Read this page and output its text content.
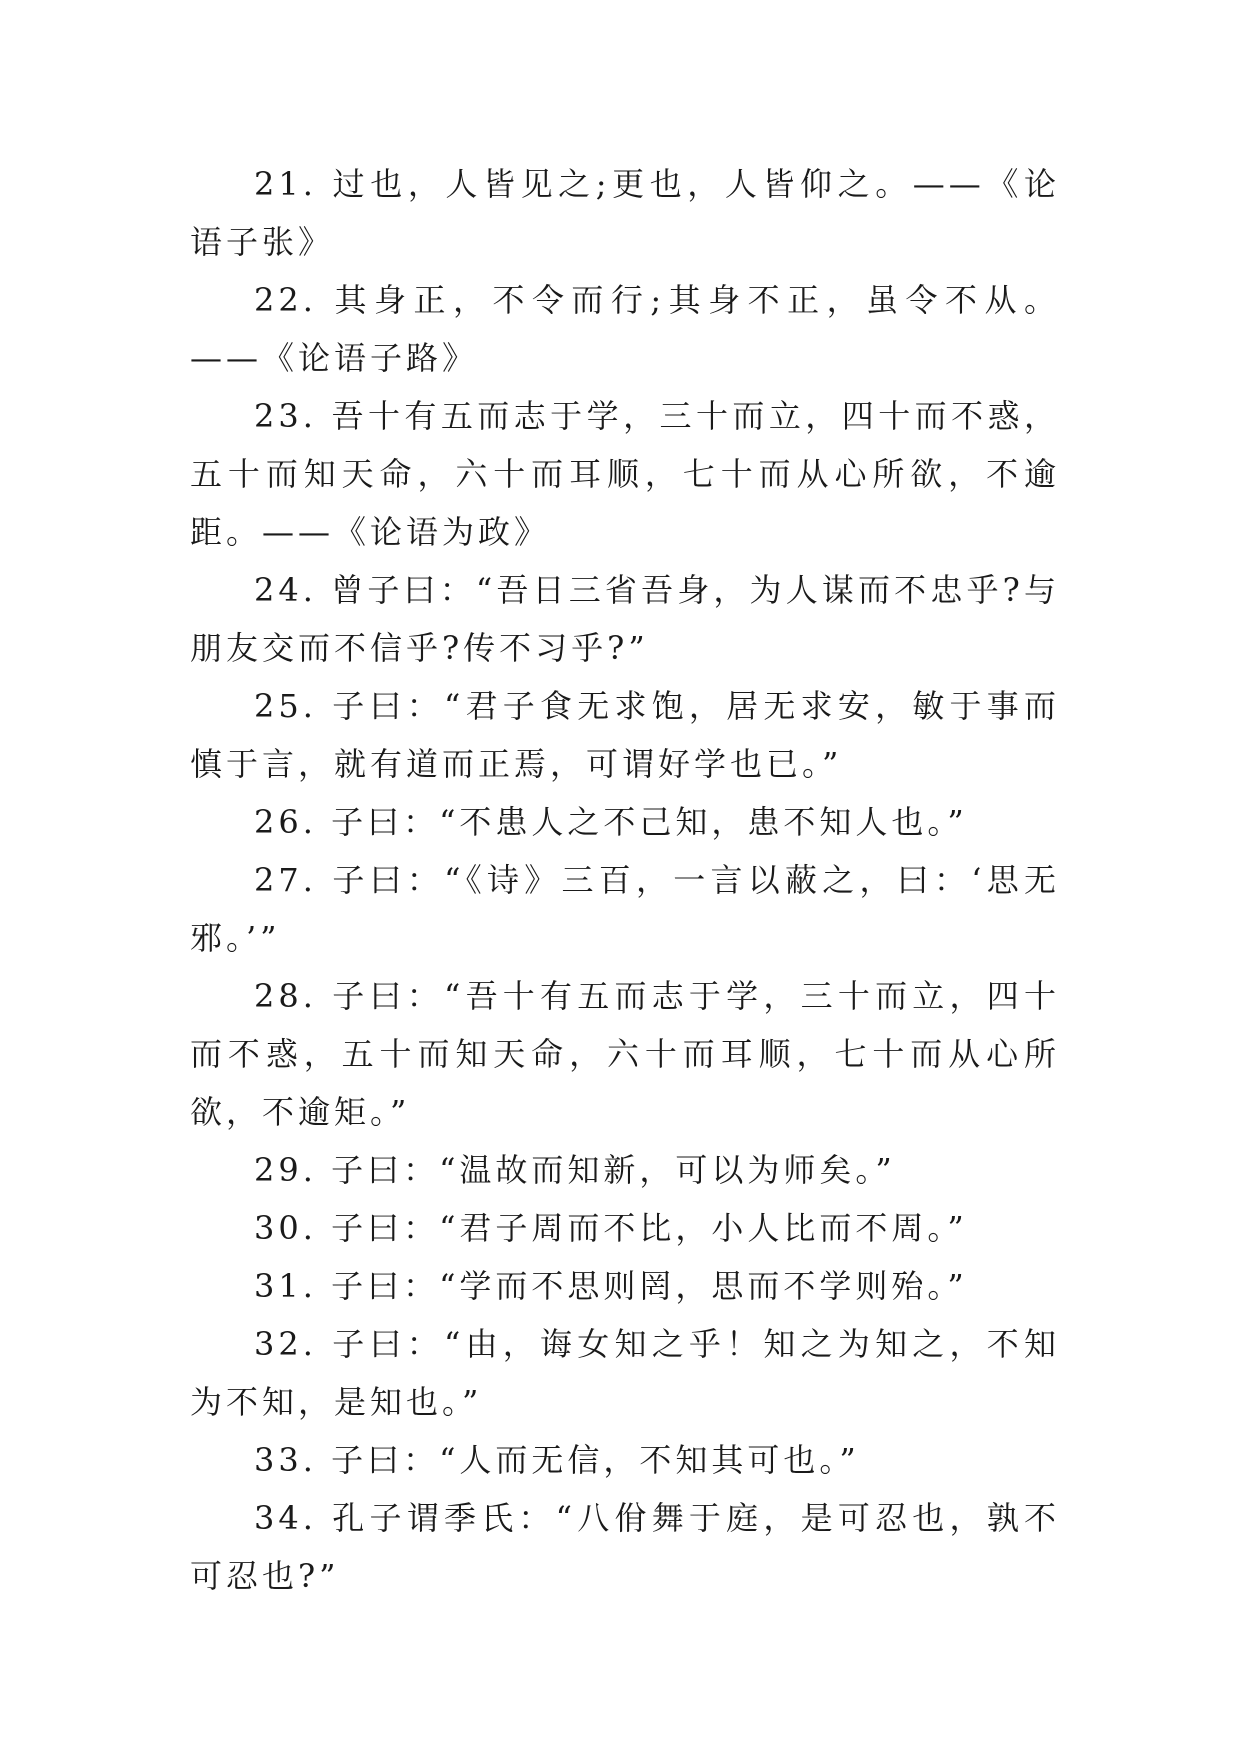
21. 过也，人皆见之;更也，人皆仰之。——《论语子张》

22. 其身正，不令而行;其身不正，虽令不从。——《论语子路》

23. 吾十有五而志于学，三十而立，四十而不惑，五十而知天命，六十而耳顺，七十而从心所欲，不逾距。——《论语为政》

24. 曾子曰：“吾日三省吾身，为人谋而不忠乎?与朋友交而不信乎?传不习乎?”

25. 子曰：“君子食无求饱，居无求安，敏于事而慎于言，就有道而正焉，可谓好学也已。”

26. 子曰：“不患人之不己知，患不知人也。”

27. 子曰：“《诗》三百，一言以蔽之，曰：‘思无邪。’”

28. 子曰：“吾十有五而志于学，三十而立，四十而不惑，五十而知天命，六十而耳顺，七十而从心所欲，不逾矩。”

29. 子曰：“温故而知新，可以为师矣。”

30. 子曰：“君子周而不比，小人比而不周。”

31. 子曰：“学而不思则罔，思而不学则殆。”

32. 子曰：“由，诲女知之乎！知之为知之，不知为不知，是知也。”

33. 子曰：“人而无信，不知其可也。”

34. 孔子谓季氏：“八佾舞于庭，是可忍也，孰不可忍也?”
